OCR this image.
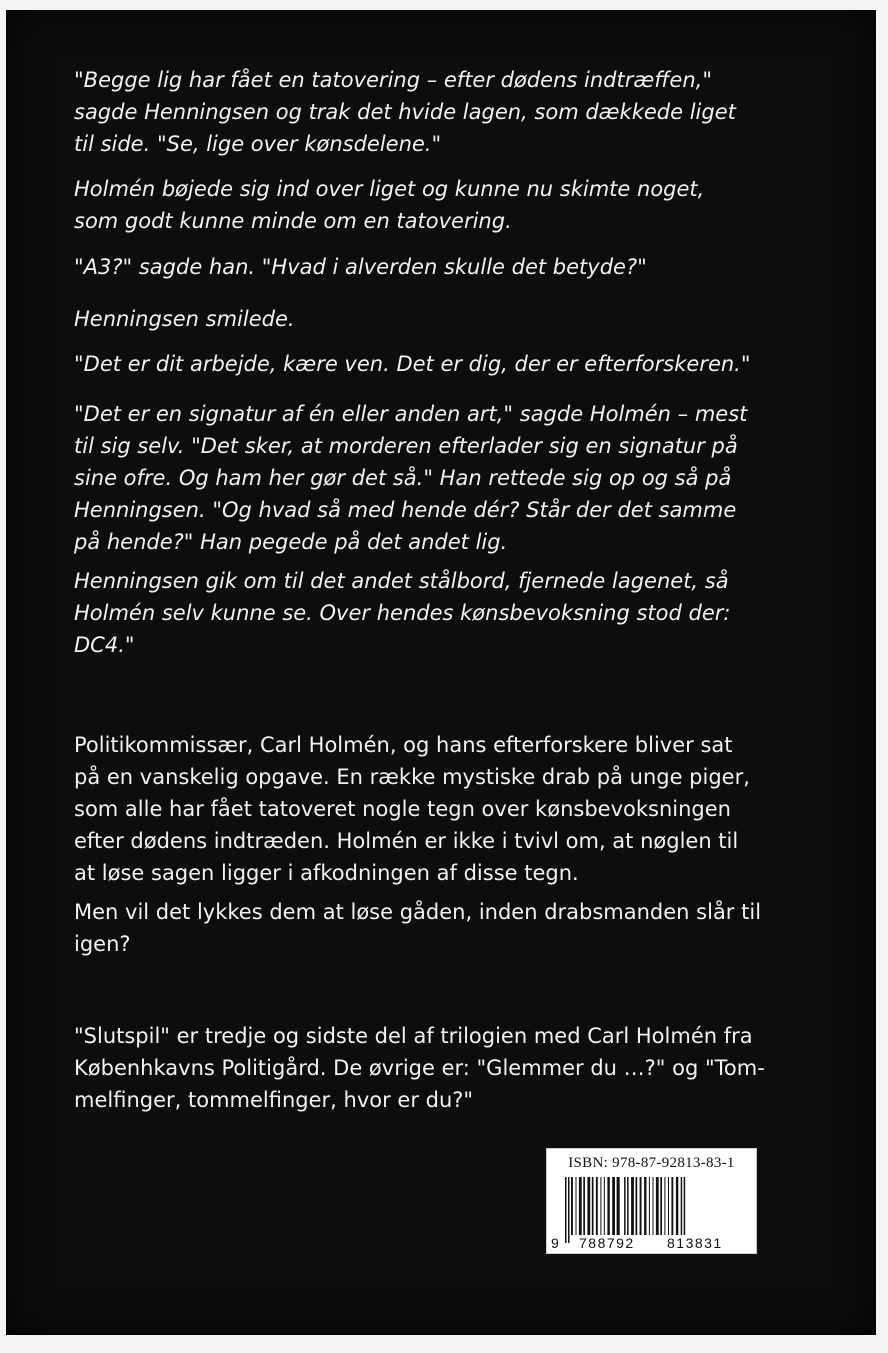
"Begge lig har fået en tatovering – efter dødens indtræffen,"
sagde Henningsen og trak det hvide lagen, som dækkede liget
til side. "Se, lige over kønsdelene."
Holmén bøjede sig ind over liget og kunne nu skimte noget,
som godt kunne minde om en tatovering.
"A3?" sagde han. "Hvad i alverden skulle det betyde?"
Henningsen smilede.
"Det er dit arbejde, kære ven. Det er dig, der er efterforskeren."
"Det er en signatur af én eller anden art," sagde Holmén – mest
til sig selv. "Det sker, at morderen efterlader sig en signatur på
sine ofre. Og ham her gør det så." Han rettede sig op og så på
Henningsen. "Og hvad så med hende dér? Står der det samme
på hende?" Han pegede på det andet lig.
Henningsen gik om til det andet stålbord, fjernede lagenet, så
Holmén selv kunne se. Over hendes kønsbevoksning stod der:
DC4."
Politikommissær, Carl Holmén, og hans efterforskere bliver sat
på en vanskelig opgave. En række mystiske drab på unge piger,
som alle har fået tatoveret nogle tegn over kønsbevoksningen
efter dødens indtræden. Holmén er ikke i tvivl om, at nøglen til
at løse sagen ligger i afkodningen af disse tegn.
Men vil det lykkes dem at løse gåden, inden drabsmanden slår til
igen?
"Slutspil" er tredje og sidste del af trilogien med Carl Holmén fra
Københkavns Politigård. De øvrige er: "Glemmer du …?" og "Tom-
melfinger, tommelfinger, hvor er du?"
ISBN: 978-87-92813-83-1
9 788792 813831
